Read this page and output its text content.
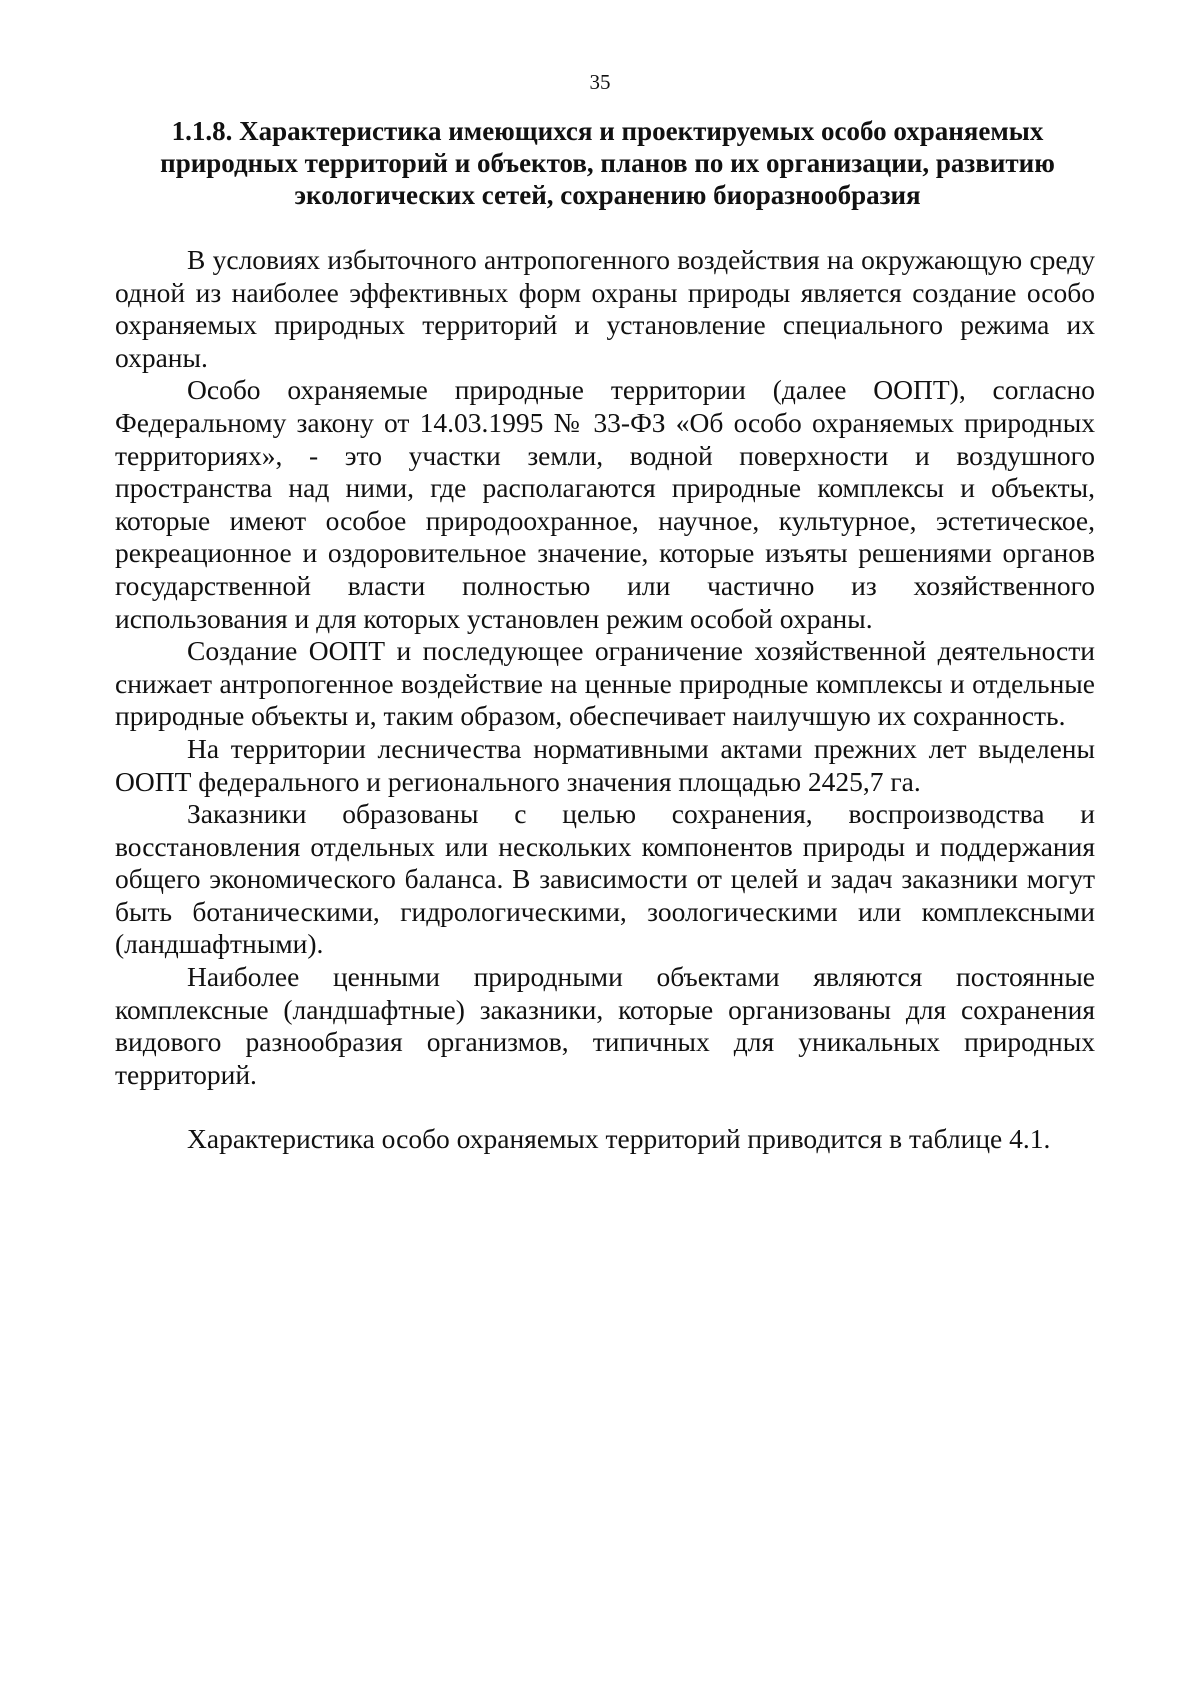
35
1.1.8. Характеристика имеющихся и проектируемых особо охраняемых природных территорий и объектов, планов по их организации, развитию экологических сетей, сохранению биоразнообразия

В условиях избыточного антропогенного воздействия на окружающую среду одной из наиболее эффективных форм охраны природы является создание особо охраняемых природных территорий и установление специального режима их охраны.

Особо охраняемые природные территории (далее ООПТ), согласно Федеральному закону от 14.03.1995 № 33-ФЗ «Об особо охраняемых природных территориях», - это участки земли, водной поверхности и воздушного пространства над ними, где располагаются природные комплексы и объекты, которые имеют особое природоохранное, научное, культурное, эстетическое, рекреационное и оздоровительное значение, которые изъяты решениями органов государственной власти полностью или частично из хозяйственного использования и для которых установлен режим особой охраны.

Создание ООПТ и последующее ограничение хозяйственной деятельности снижает антропогенное воздействие на ценные природные комплексы и отдельные природные объекты и, таким образом, обеспечивает наилучшую их сохранность.

На территории лесничества нормативными актами прежних лет выделены ООПТ федерального и регионального значения площадью 2425,7 га.

Заказники образованы с целью сохранения, воспроизводства и восстановления отдельных или нескольких компонентов природы и поддержания общего экономического баланса. В зависимости от целей и задач заказники могут быть ботаническими, гидрологическими, зоологическими или комплексными (ландшафтными).

Наиболее ценными природными объектами являются постоянные комплексные (ландшафтные) заказники, которые организованы для сохранения видового разнообразия организмов, типичных для уникальных природных территорий.

Характеристика особо охраняемых территорий приводится в таблице 4.1.
